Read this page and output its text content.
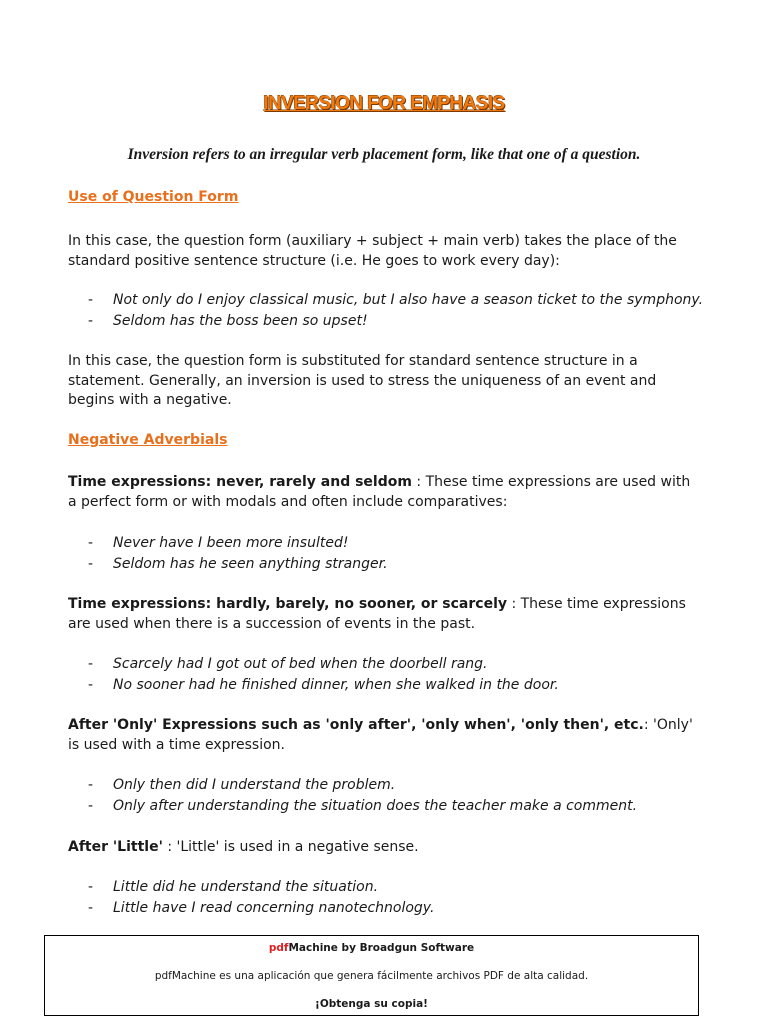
INVERSION FOR EMPHASIS
Inversion refers to an irregular verb placement form, like that one of a question.
Use of Question Form
In this case, the question form (auxiliary + subject + main verb) takes the place of the standard positive sentence structure (i.e. He goes to work every day):
- Not only do I enjoy classical music, but I also have a season ticket to the symphony.
- Seldom has the boss been so upset!
In this case, the question form is substituted for standard sentence structure in a statement. Generally, an inversion is used to stress the uniqueness of an event and begins with a negative.
Negative Adverbials
Time expressions: never, rarely and seldom : These time expressions are used with a perfect form or with modals and often include comparatives:
- Never have I been more insulted!
- Seldom has he seen anything stranger.
Time expressions: hardly, barely, no sooner, or scarcely : These time expressions are used when there is a succession of events in the past.
- Scarcely had I got out of bed when the doorbell rang.
- No sooner had he finished dinner, when she walked in the door.
After 'Only' Expressions such as 'only after', 'only when', 'only then', etc.: 'Only' is used with a time expression.
- Only then did I understand the problem.
- Only after understanding the situation does the teacher make a comment.
After 'Little' : 'Little' is used in a negative sense.
- Little did he understand the situation.
- Little have I read concerning nanotechnology.
pdfMachine by Broadgun Software
pdfMachine es una aplicación que genera fácilmente archivos PDF de alta calidad.
¡Obtenga su copia!
